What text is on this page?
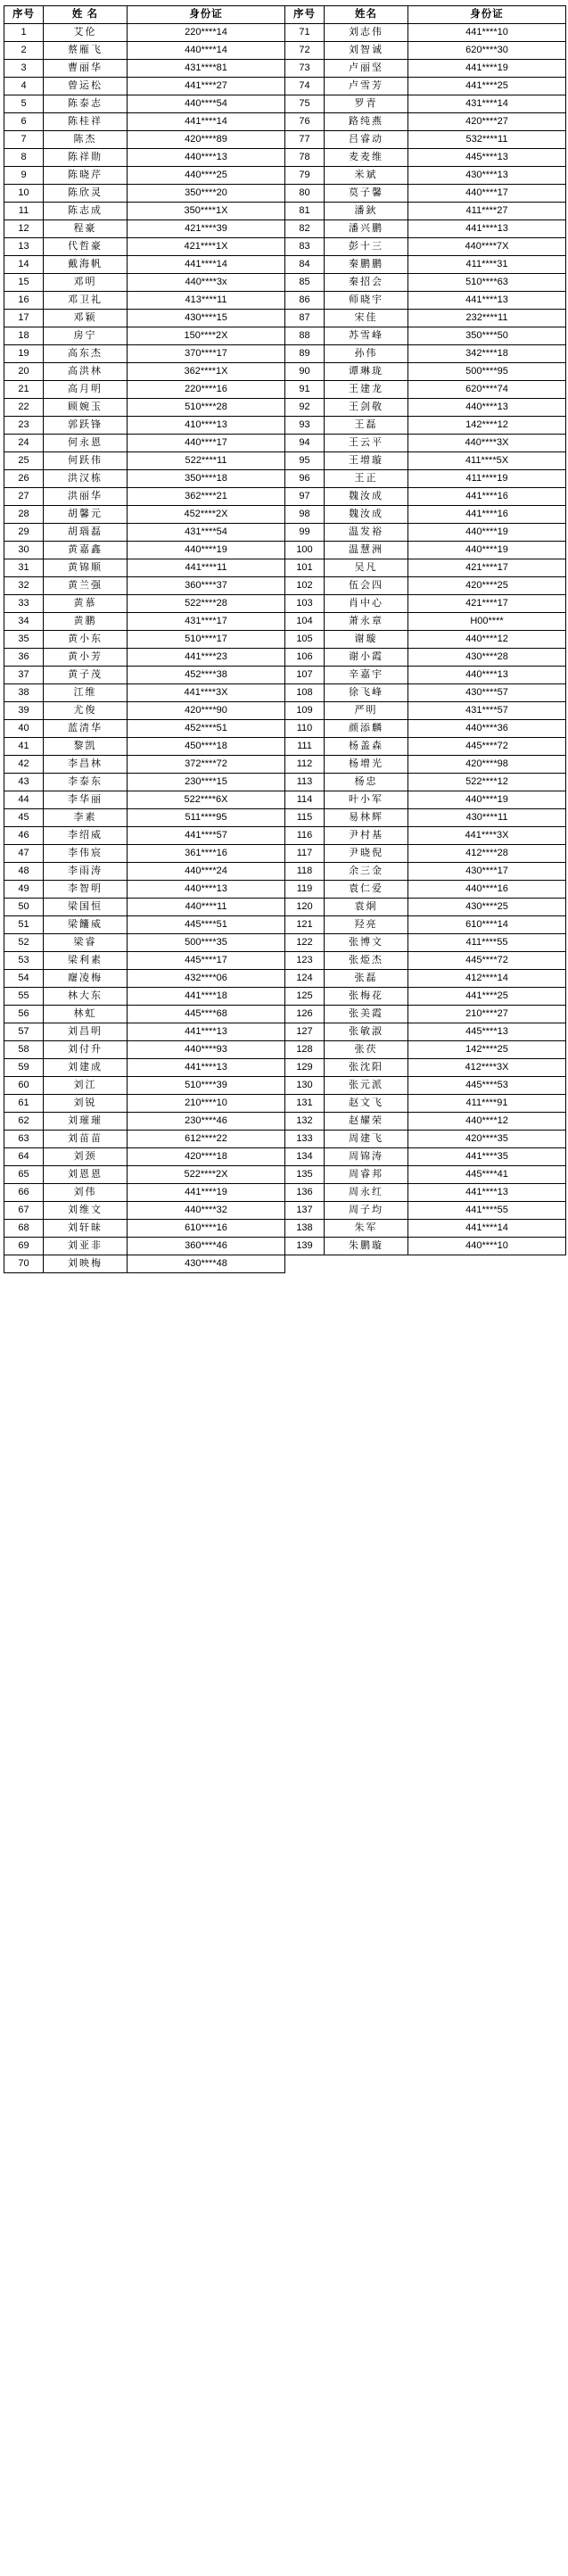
序号	姓 名	身份证	序号	姓名	身份证
1	艾伦	220****14	71	刘志伟	441****10
2	蔡雁飞	440****14	72	刘智诚	620****30
3	曹丽华	431****81	73	卢丽坚	441****19
4	曾运松	441****27	74	卢雪芳	441****25
5	陈泰志	440****54	75	罗青	431****14
6	陈桂祥	441****14	76	路纯燕	420****27
7	陈杰	420****89	77	吕睿动	532****11
8	陈祥勋	440****13	78	麦麦维	445****13
9	陈晓芹	440****25	79	米斌	430****13
10	陈欣灵	350****20	80	莫子馨	440****17
11	陈志成	350****1X	81	潘鈥	411****27
12	程豪	421****39	82	潘兴鹏	441****13
13	代哲豪	421****1X	83	彭十三	440****7X
14	戴海帆	441****14	84	秦鹏鹏	411****31
15	邓明	440****3x	85	秦招会	510****63
16	邓卫礼	413****11	86	师晓宇	441****13
17	邓颖	430****15	87	宋佳	232****11
18	房宁	150****2X	88	苏雪峰	350****50
19	高东杰	370****17	89	孙伟	342****18
20	高洪林	362****1X	90	谭琳珑	500****95
21	高月明	220****16	91	王建龙	620****74
22	顾婉玉	510****28	92	王剑敬	440****13
23	郭跃锋	410****13	93	王磊	142****12
24	何永恩	440****17	94	王云平	440****3X
25	何跃伟	522****11	95	王增璇	411****5X
26	洪汉栋	350****18	96	王正	411****19
27	洪丽华	362****21	97	魏汝成	441****16
28	胡馨元	452****2X	98	魏汝成	441****16
29	胡瑙磊	431****54	99	温发裕	440****19
30	黄嘉鑫	440****19	100	温慧洲	440****19
31	黄锦顺	441****11	101	吴凡	421****17
32	黄兰强	360****37	102	伍会四	420****25
33	黄慕	522****28	103	肖中心	421****17
34	黄鹏	431****17	104	萧永章	H00****
35	黄小东	510****17	105	谢璇	440****12
36	黄小芳	441****23	106	谢小霞	430****28
37	黄子茂	452****38	107	辛嘉宇	440****13
38	江维	441****3X	108	徐飞峰	430****57
39	尤俊	420****90	109	严明	431****57
40	蓝清华	452****51	110	颜添麟	440****36
41	黎凯	450****18	111	杨盖森	445****72
42	李昌林	372****72	112	杨增光	420****98
43	李泰东	230****15	113	杨忠	522****12
44	李华丽	522****6X	114	叶小军	440****19
45	李素	511****95	115	易林辉	430****11
46	李绍威	441****57	116	尹村基	441****3X
47	李伟宸	361****16	117	尹晓倪	412****28
48	李雨涛	440****24	118	余三金	430****17
49	李智明	440****13	119	袁仁爱	440****16
50	梁国恒	440****11	120	袁炯	430****25
51	梁饢威	445****51	121	羟亮	610****14
52	梁睿	500****35	122	张博文	411****55
53	梁利素	445****17	123	张烥杰	445****72
54	廜凌梅	432****06	124	张磊	412****14
55	林大东	441****18	125	张梅花	441****25
56	林虹	445****68	126	张美霞	210****27
57	刘昌明	441****13	127	张敏淑	445****13
58	刘付升	440****93	128	张茯	142****25
59	刘建成	441****13	129	张沈阳	412****3X
60	刘江	510****39	130	张元派	445****53
61	刘锐	210****10	131	赵文飞	411****91
62	刘璀璀	230****46	132	赵耀荣	440****12
63	刘苗苗	612****22	133	周建飞	420****35
64	刘颈	420****18	134	周锦涛	441****35
65	刘恩恩	522****2X	135	周睿邦	445****41
66	刘伟	441****19	136	周永红	441****13
67	刘维文	440****32	137	周子均	441****55
68	刘轩昧	610****16	138	朱军	441****14
69	刘亚非	360****46	139	朱鹏璇	440****10
70	刘映梅	430****48			
